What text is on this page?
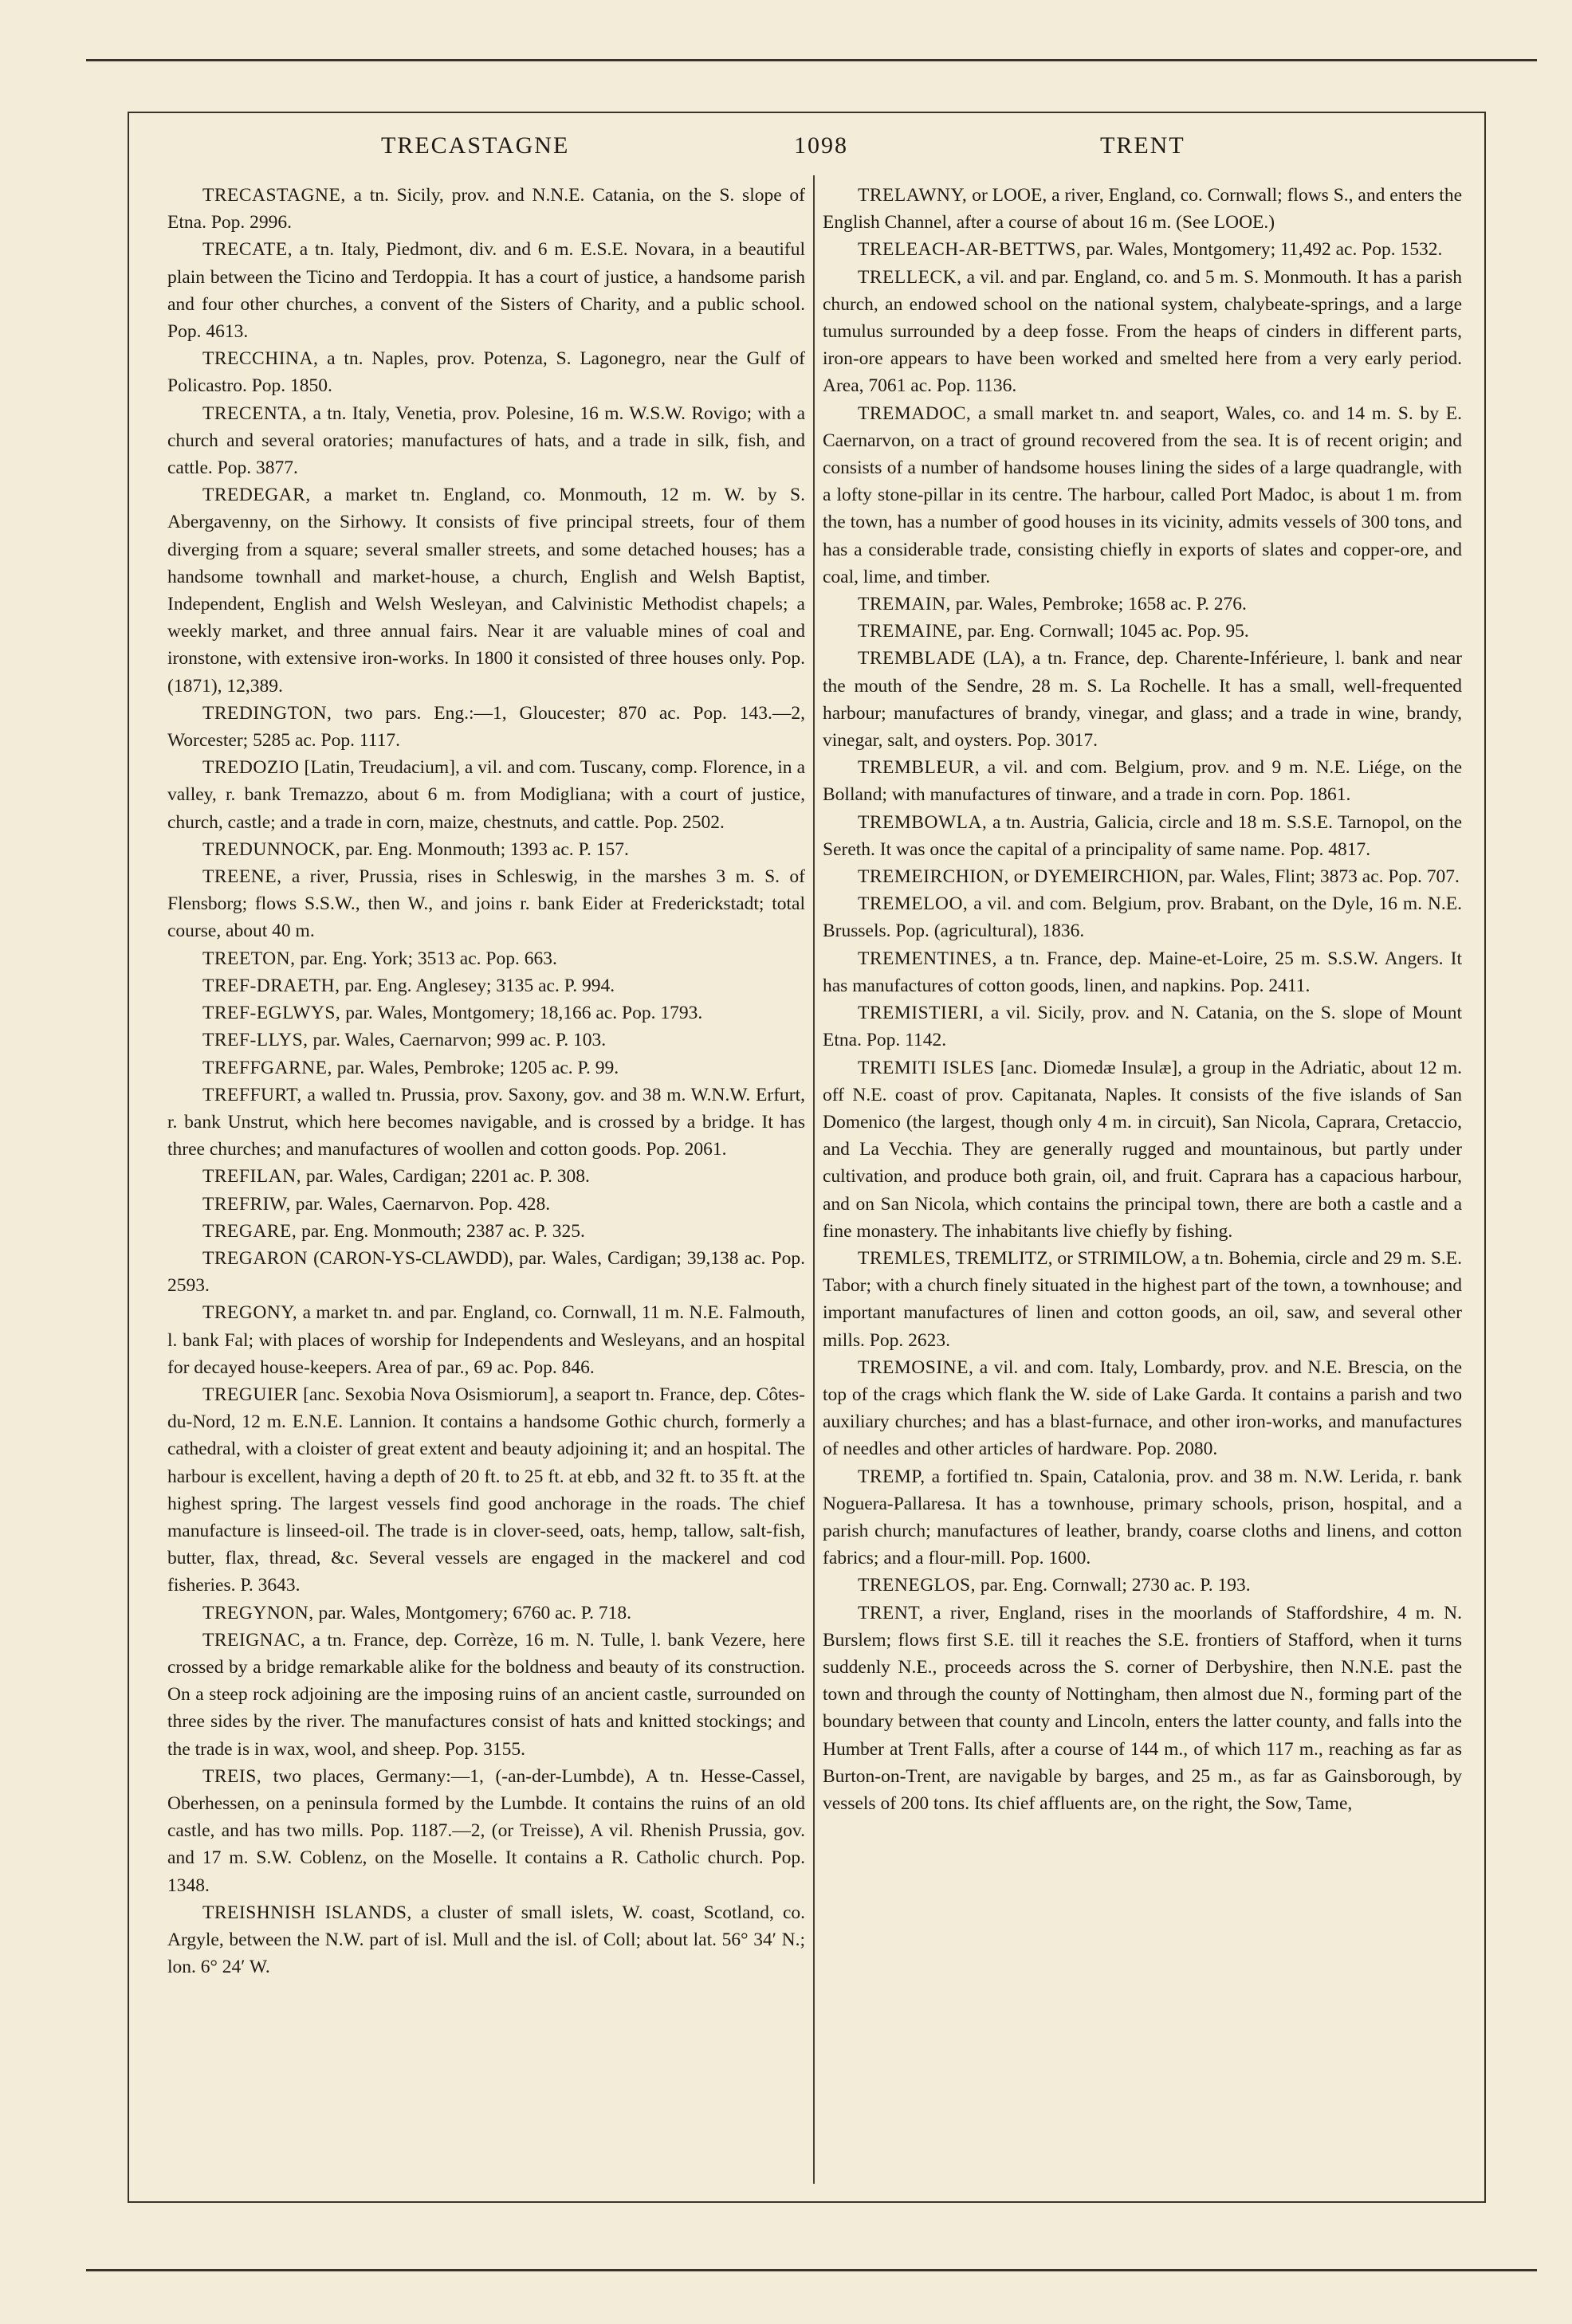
TRECASTAGNE	1098	TRENT

TRECASTAGNE, a tn. Sicily, prov. and N.N.E. Catania, on the S. slope of Etna. Pop. 2996.

TRECATE, a tn. Italy, Piedmont, div. and 6 m. E.S.E. Novara, in a beautiful plain between the Ticino and Terdoppia. It has a court of justice, a handsome parish and four other churches, a convent of the Sisters of Charity, and a public school. Pop. 4613.

TRECCHINA, a tn. Naples, prov. Potenza, S. Lagonegro, near the Gulf of Policastro. Pop. 1850.

TRECENTA, a tn. Italy, Venetia, prov. Polesine, 16 m. W.S.W. Rovigo; with a church and several oratories; manufactures of hats, and a trade in silk, fish, and cattle. Pop. 3877.

TREDEGAR, a market tn. England, co. Monmouth, 12 m. W. by S. Abergavenny, on the Sirhowy. It consists of five principal streets, four of them diverging from a square; several smaller streets, and some detached houses; has a handsome townhall and market-house, a church, English and Welsh Baptist, Independent, English and Welsh Wesleyan, and Calvinistic Methodist chapels; a weekly market, and three annual fairs. Near it are valuable mines of coal and ironstone, with extensive iron-works. In 1800 it consisted of three houses only. Pop. (1871), 12,389.

TREDINGTON, two pars. Eng.:—1, Gloucester; 870 ac. Pop. 143.—2, Worcester; 5285 ac. Pop. 1117.

TREDOZIO [Latin, Treudacium], a vil. and com. Tuscany, comp. Florence, in a valley, r. bank Tremazzo, about 6 m. from Modigliana; with a court of justice, church, castle; and a trade in corn, maize, chestnuts, and cattle. Pop. 2502.

TREDUNNOCK, par. Eng. Monmouth; 1393 ac. P. 157.

TREENE, a river, Prussia, rises in Schleswig, in the marshes 3 m. S. of Flensborg; flows S.S.W., then W., and joins r. bank Eider at Frederickstadt; total course, about 40 m.

TREETON, par. Eng. York; 3513 ac. Pop. 663.

TREF-DRAETH, par. Eng. Anglesey; 3135 ac. P. 994.

TREF-EGLWYS, par. Wales, Montgomery; 18,166 ac. Pop. 1793.

TREF-LLYS, par. Wales, Caernarvon; 999 ac. P. 103.

TREFFGARNE, par. Wales, Pembroke; 1205 ac. P. 99.

TREFFURT, a walled tn. Prussia, prov. Saxony, gov. and 38 m. W.N.W. Erfurt, r. bank Unstrut, which here becomes navigable, and is crossed by a bridge. It has three churches; and manufactures of woollen and cotton goods. Pop. 2061.

TREFILAN, par. Wales, Cardigan; 2201 ac. P. 308.

TREFRIW, par. Wales, Caernarvon. Pop. 428.

TREGARE, par. Eng. Monmouth; 2387 ac. P. 325.

TREGARON (CARON-YS-CLAWDD), par. Wales, Cardigan; 39,138 ac. Pop. 2593.

TREGONY, a market tn. and par. England, co. Cornwall, 11 m. N.E. Falmouth, l. bank Fal; with places of worship for Independents and Wesleyans, and an hospital for decayed house-keepers. Area of par., 69 ac. Pop. 846.

TREGUIER [anc. Sexobia Nova Osismiorum], a seaport tn. France, dep. Côtes-du-Nord, 12 m. E.N.E. Lannion. It contains a handsome Gothic church, formerly a cathedral, with a cloister of great extent and beauty adjoining it; and an hospital. The harbour is excellent, having a depth of 20 ft. to 25 ft. at ebb, and 32 ft. to 35 ft. at the highest spring. The largest vessels find good anchorage in the roads. The chief manufacture is linseed-oil. The trade is in clover-seed, oats, hemp, tallow, salt-fish, butter, flax, thread, &c. Several vessels are engaged in the mackerel and cod fisheries. P. 3643.

TREGYNON, par. Wales, Montgomery; 6760 ac. P. 718.

TREIGNAC, a tn. France, dep. Corrèze, 16 m. N. Tulle, l. bank Vezere, here crossed by a bridge remarkable alike for the boldness and beauty of its construction. On a steep rock adjoining are the imposing ruins of an ancient castle, surrounded on three sides by the river. The manufactures consist of hats and knitted stockings; and the trade is in wax, wool, and sheep. Pop. 3155.

TREIS, two places, Germany:—1, (-an-der-Lumbde), A tn. Hesse-Cassel, Oberhessen, on a peninsula formed by the Lumbde. It contains the ruins of an old castle, and has two mills. Pop. 1187.—2, (or Treisse), A vil. Rhenish Prussia, gov. and 17 m. S.W. Coblenz, on the Moselle. It contains a R. Catholic church. Pop. 1348.

TREISHNISH ISLANDS, a cluster of small islets, W. coast, Scotland, co. Argyle, between the N.W. part of isl. Mull and the isl. of Coll; about lat. 56° 34′ N.; lon. 6° 24′ W.

TRELAWNY, or LOOE, a river, England, co. Cornwall; flows S., and enters the English Channel, after a course of about 16 m. (See LOOE.)

TRELEACH-AR-BETTWS, par. Wales, Montgomery; 11,492 ac. Pop. 1532.

TRELLECK, a vil. and par. England, co. and 5 m. S. Monmouth. It has a parish church, an endowed school on the national system, chalybeate-springs, and a large tumulus surrounded by a deep fosse. From the heaps of cinders in different parts, iron-ore appears to have been worked and smelted here from a very early period. Area, 7061 ac. Pop. 1136.

TREMADOC, a small market tn. and seaport, Wales, co. and 14 m. S. by E. Caernarvon, on a tract of ground recovered from the sea. It is of recent origin; and consists of a number of handsome houses lining the sides of a large quadrangle, with a lofty stone-pillar in its centre. The harbour, called Port Madoc, is about 1 m. from the town, has a number of good houses in its vicinity, admits vessels of 300 tons, and has a considerable trade, consisting chiefly in exports of slates and copper-ore, and coal, lime, and timber.

TREMAIN, par. Wales, Pembroke; 1658 ac. P. 276.

TREMAINE, par. Eng. Cornwall; 1045 ac. Pop. 95.

TREMBLADE (LA), a tn. France, dep. Charente-Inférieure, l. bank and near the mouth of the Sendre, 28 m. S. La Rochelle. It has a small, well-frequented harbour; manufactures of brandy, vinegar, and glass; and a trade in wine, brandy, vinegar, salt, and oysters. Pop. 3017.

TREMBLEUR, a vil. and com. Belgium, prov. and 9 m. N.E. Liége, on the Bolland; with manufactures of tinware, and a trade in corn. Pop. 1861.

TREMBOWLA, a tn. Austria, Galicia, circle and 18 m. S.S.E. Tarnopol, on the Sereth. It was once the capital of a principality of same name. Pop. 4817.

TREMEIRCHION, or DYEMEIRCHION, par. Wales, Flint; 3873 ac. Pop. 707.

TREMELOO, a vil. and com. Belgium, prov. Brabant, on the Dyle, 16 m. N.E. Brussels. Pop. (agricultural), 1836.

TREMENTINES, a tn. France, dep. Maine-et-Loire, 25 m. S.S.W. Angers. It has manufactures of cotton goods, linen, and napkins. Pop. 2411.

TREMISTIERI, a vil. Sicily, prov. and N. Catania, on the S. slope of Mount Etna. Pop. 1142.

TREMITI ISLES [anc. Diomedæ Insulæ], a group in the Adriatic, about 12 m. off N.E. coast of prov. Capitanata, Naples. It consists of the five islands of San Domenico (the largest, though only 4 m. in circuit), San Nicola, Caprara, Cretaccio, and La Vecchia. They are generally rugged and mountainous, but partly under cultivation, and produce both grain, oil, and fruit. Caprara has a capacious harbour, and on San Nicola, which contains the principal town, there are both a castle and a fine monastery. The inhabitants live chiefly by fishing.

TREMLES, TREMLITZ, or STRIMILOW, a tn. Bohemia, circle and 29 m. S.E. Tabor; with a church finely situated in the highest part of the town, a townhouse; and important manufactures of linen and cotton goods, an oil, saw, and several other mills. Pop. 2623.

TREMOSINE, a vil. and com. Italy, Lombardy, prov. and N.E. Brescia, on the top of the crags which flank the W. side of Lake Garda. It contains a parish and two auxiliary churches; and has a blast-furnace, and other iron-works, and manufactures of needles and other articles of hardware. Pop. 2080.

TREMP, a fortified tn. Spain, Catalonia, prov. and 38 m. N.W. Lerida, r. bank Noguera-Pallaresa. It has a townhouse, primary schools, prison, hospital, and a parish church; manufactures of leather, brandy, coarse cloths and linens, and cotton fabrics; and a flour-mill. Pop. 1600.

TRENEGLOS, par. Eng. Cornwall; 2730 ac. P. 193.

TRENT, a river, England, rises in the moorlands of Staffordshire, 4 m. N. Burslem; flows first S.E. till it reaches the S.E. frontiers of Stafford, when it turns suddenly N.E., proceeds across the S. corner of Derbyshire, then N.N.E. past the town and through the county of Nottingham, then almost due N., forming part of the boundary between that county and Lincoln, enters the latter county, and falls into the Humber at Trent Falls, after a course of 144 m., of which 117 m., reaching as far as Burton-on-Trent, are navigable by barges, and 25 m., as far as Gainsborough, by vessels of 200 tons. Its chief affluents are, on the right, the Sow, Tame,
